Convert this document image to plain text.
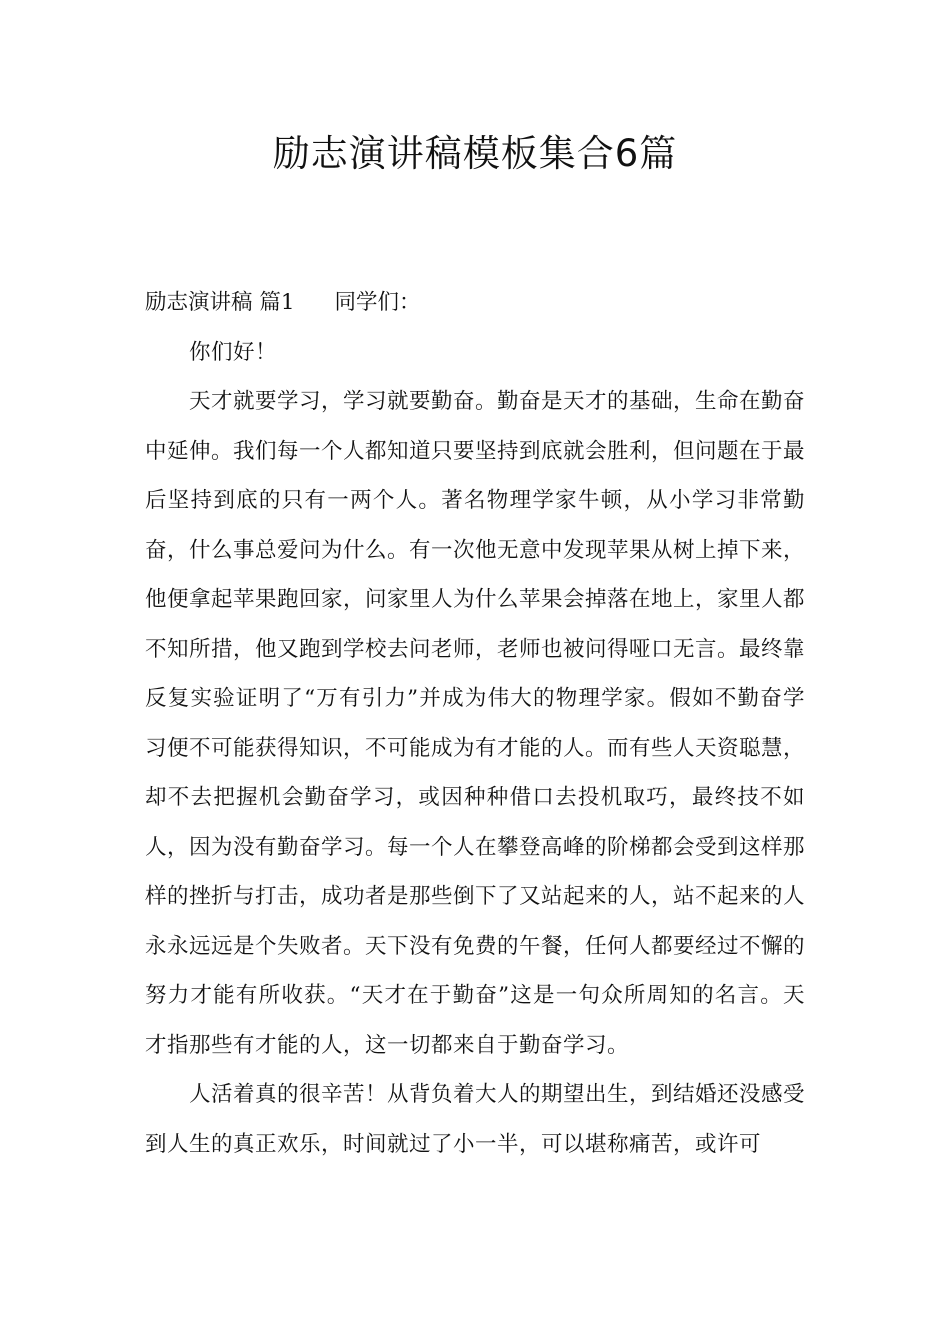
励志演讲稿模板集合6篇

励志演讲稿 篇1 同学们：

你们好！

天才就要学习，学习就要勤奋。勤奋是天才的基础，生命在勤奋中延伸。我们每一个人都知道只要坚持到底就会胜利，但问题在于最后坚持到底的只有一两个人。著名物理学家牛顿，从小学习非常勤奋，什么事总爱问为什么。有一次他无意中发现苹果从树上掉下来，他便拿起苹果跑回家，问家里人为什么苹果会掉落在地上，家里人都不知所措，他又跑到学校去问老师，老师也被问得哑口无言。最终靠反复实验证明了“万有引力”并成为伟大的物理学家。假如不勤奋学习便不可能获得知识，不可能成为有才能的人。而有些人天资聪慧，却不去把握机会勤奋学习，或因种种借口去投机取巧，最终技不如人，因为没有勤奋学习。每一个人在攀登高峰的阶梯都会受到这样那样的挫折与打击，成功者是那些倒下了又站起来的人，站不起来的人永永远远是个失败者。天下没有免费的午餐，任何人都要经过不懈的努力才能有所收获。“天才在于勤奋”这是一句众所周知的名言。天才指那些有才能的人，这一切都来自于勤奋学习。

人活着真的很辛苦！从背负着大人的期望出生，到结婚还没感受到人生的真正欢乐，时间就过了小一半，可以堪称痛苦，或许可
